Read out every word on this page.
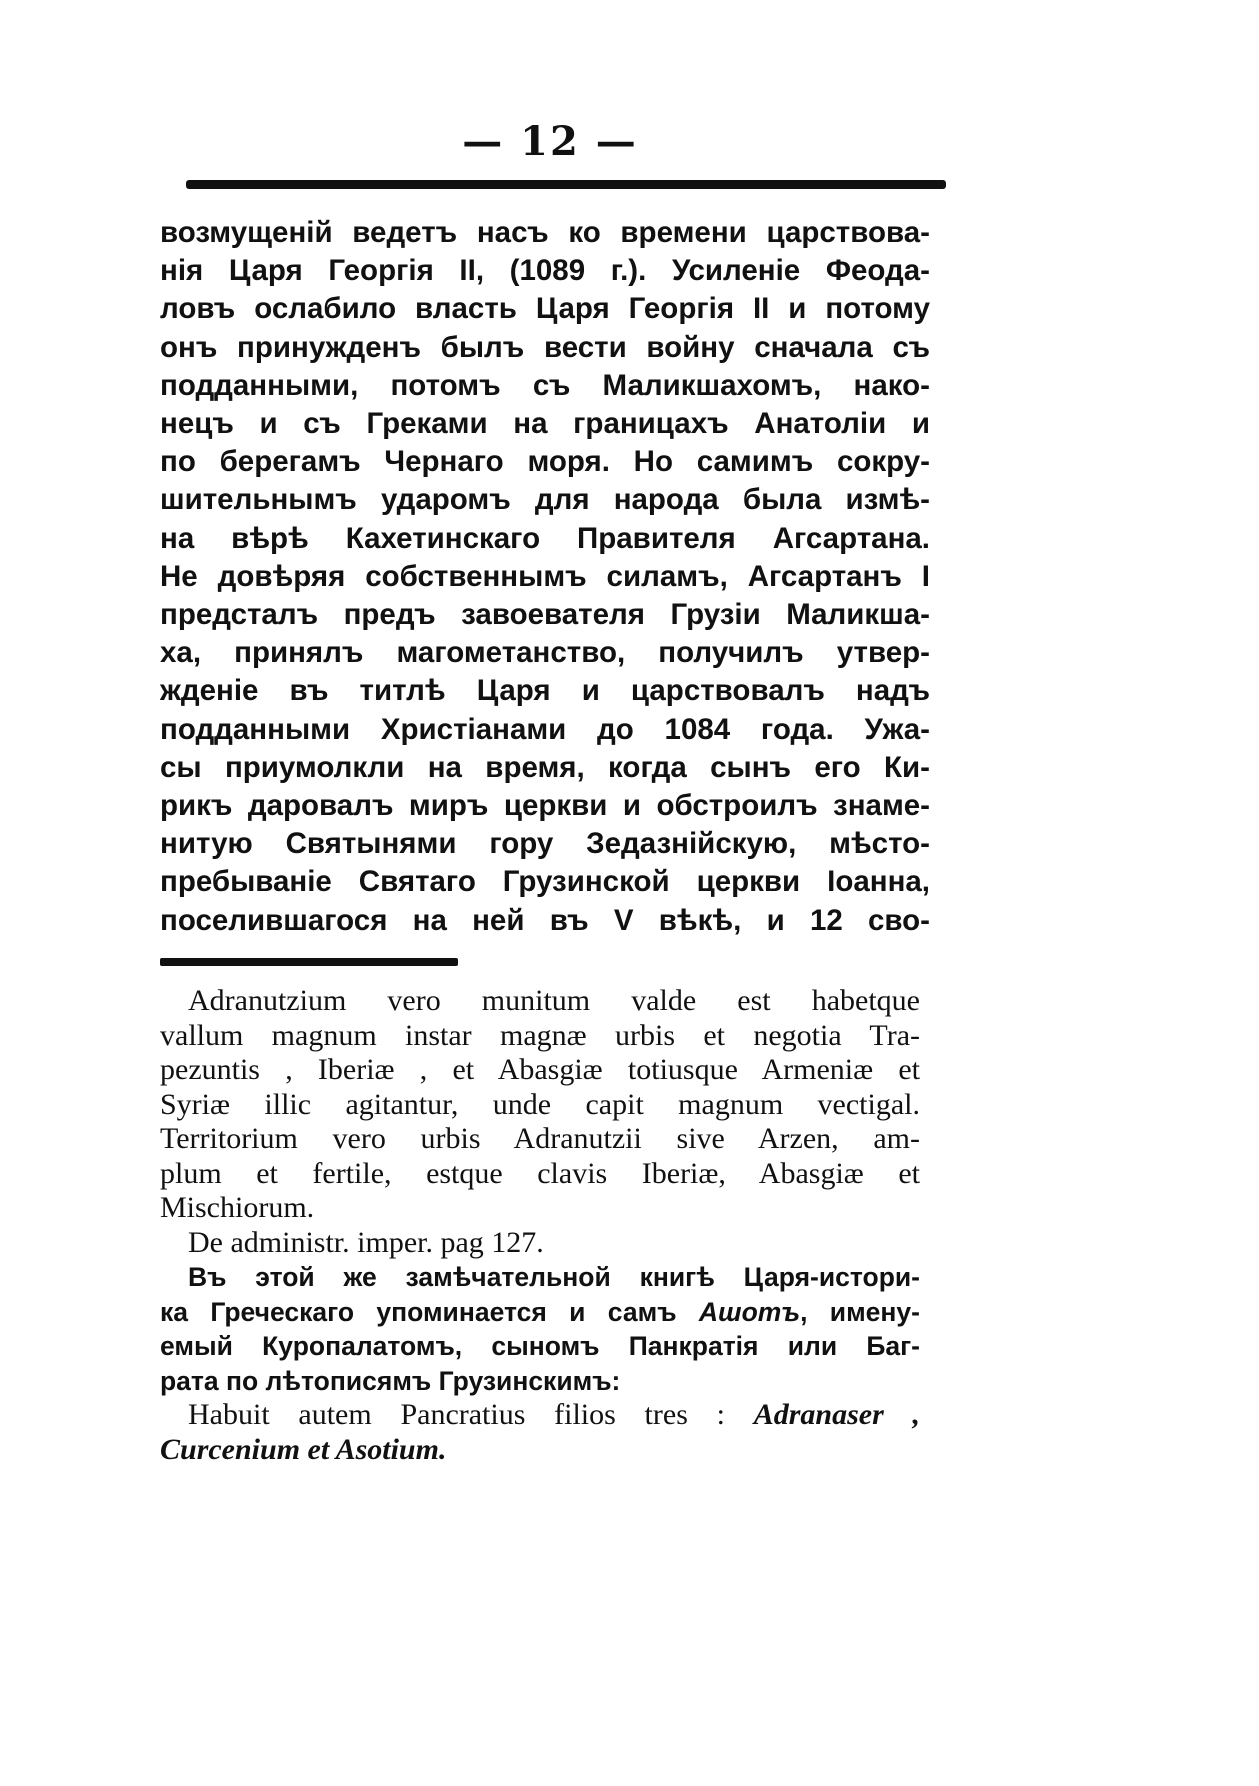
— 12 —
возмущеній ведетъ насъ ко времени царствова-
нія Царя Георгія II, (1089 г.). Усиленіе Феода-
ловъ ослабило власть Царя Георгія II и потому
онъ принужденъ былъ вести войну сначала съ
подданными, потомъ съ Маликшахомъ, нако-
нецъ и съ Греками на границахъ Анатоліи и
по берегамъ Чернаго моря. Но самимъ сокру-
шительнымъ ударомъ для народа была измѣ-
на вѣрѣ Кахетинскаго Правителя Агсартана.
Не довѣряя собственнымъ силамъ, Агсартанъ I
предсталъ предъ завоевателя Грузіи Маликша-
ха, принялъ магометанство, получилъ утвер-
жденіе въ титлѣ Царя и царствовалъ надъ
подданными Христіанами до 1084 года. Ужа-
сы приумолкли на время, когда сынъ его Ки-
рикъ даровалъ миръ церкви и обстроилъ знаме-
нитую Святынями гору Зедазнійскую, мѣсто-
пребываніе Святаго Грузинской церкви Іоанна,
поселившагося на ней въ V вѣкѣ, и 12 сво-
Adranutzium vero munitum valde est habetque
vallum magnum instar magnæ urbis et negotia Tra-
pezuntis , Iberiæ , et Abasgiæ totiusque Armeniæ et
Syriæ illic agitantur, unde capit magnum vectigal.
Territorium vero urbis Adranutzii sive Arzen, am-
plum et fertile, estque clavis Iberiæ, Abasgiæ et
Mischiorum.
De administr. imper. pag 127.
Въ этой же замѣчательной книгѣ Царя-истори-
ка Греческаго упоминается и самъ Ашотъ, имену-
емый Куропалатомъ, сыномъ Панкратія или Баг-
рата по лѣтописямъ Грузинскимъ:
Habuit autem Pancratius filios tres : Adranaser ,
Curcenium et Asotium.
